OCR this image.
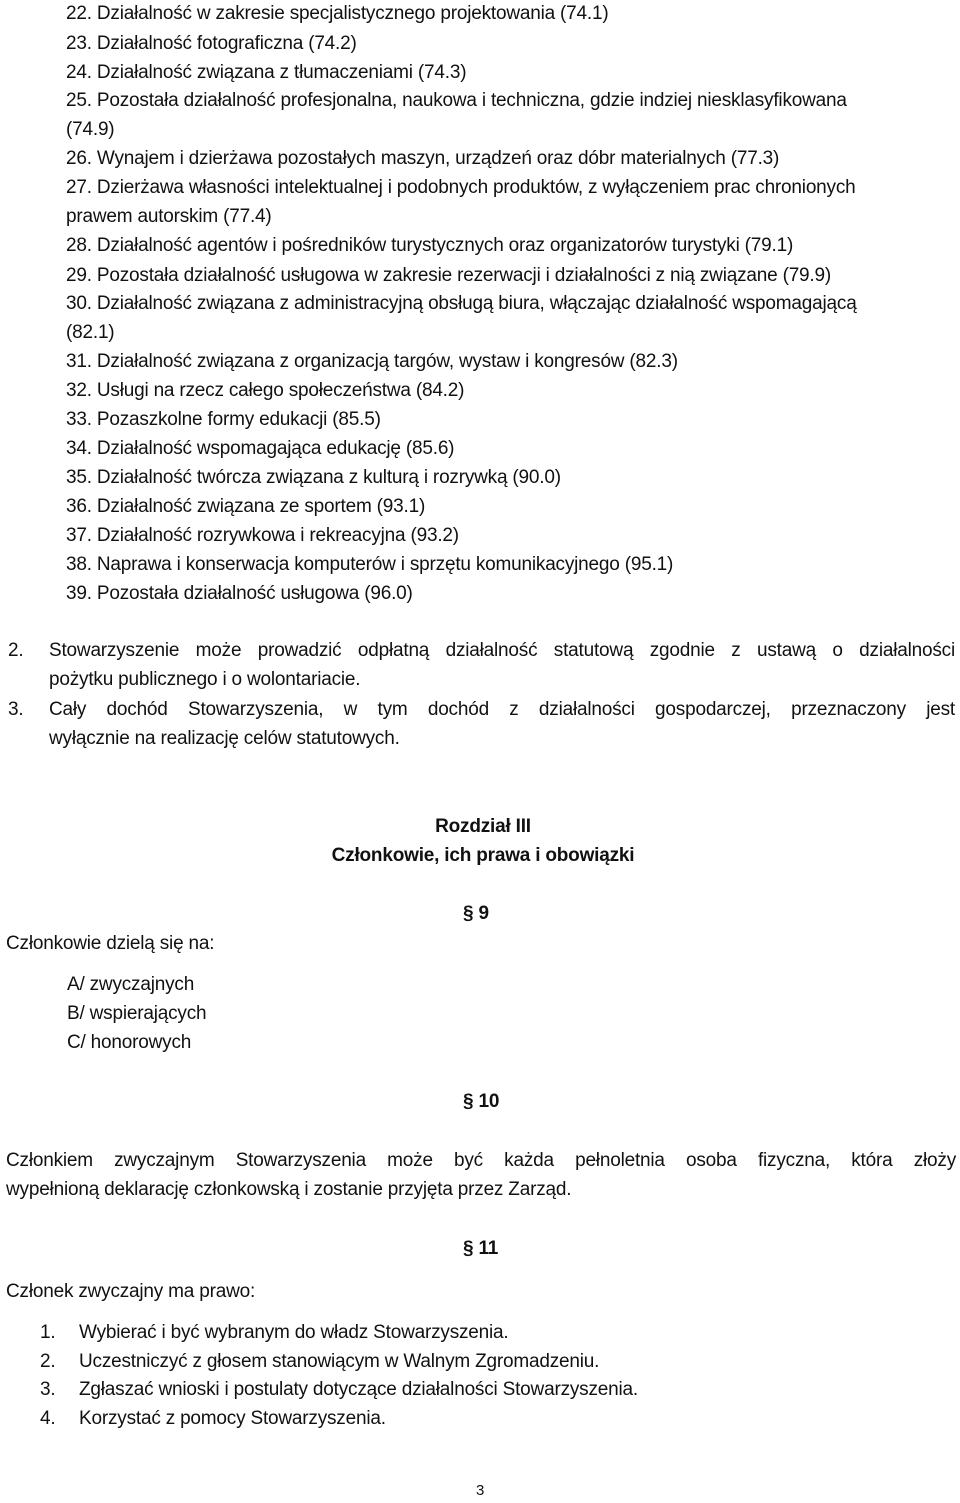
22. Działalność w zakresie specjalistycznego projektowania (74.1)
23. Działalność fotograficzna (74.2)
24. Działalność związana z tłumaczeniami (74.3)
25. Pozostała działalność profesjonalna, naukowa i techniczna, gdzie indziej niesklasyfikowana
(74.9)
26. Wynajem i dzierżawa pozostałych maszyn, urządzeń oraz dóbr materialnych (77.3)
27. Dzierżawa własności intelektualnej i podobnych produktów, z wyłączeniem prac chronionych
prawem autorskim (77.4)
28. Działalność agentów i pośredników turystycznych oraz organizatorów turystyki (79.1)
29. Pozostała działalność usługowa w zakresie rezerwacji i działalności z nią związane (79.9)
30. Działalność związana z administracyjną obsługą biura, włączając działalność wspomagającą
(82.1)
31. Działalność związana z organizacją targów, wystaw i kongresów (82.3)
32. Usługi na rzecz całego społeczeństwa (84.2)
33. Pozaszkolne formy edukacji (85.5)
34. Działalność wspomagająca edukację (85.6)
35. Działalność twórcza związana z kulturą i rozrywką (90.0)
36. Działalność związana ze sportem (93.1)
37. Działalność rozrywkowa i rekreacyjna (93.2)
38. Naprawa i konserwacja komputerów i sprzętu komunikacyjnego (95.1)
39. Pozostała działalność usługowa (96.0)
2. Stowarzyszenie może prowadzić odpłatną działalność statutową zgodnie z ustawą o działalności
pożytku publicznego i o wolontariacie.
3. Cały dochód Stowarzyszenia, w tym dochód z działalności gospodarczej, przeznaczony jest
wyłącznie na realizację celów statutowych.
Rozdział III
Członkowie, ich prawa i obowiązki
§ 9
Członkowie dzielą się na:
A/ zwyczajnych
B/ wspierających
C/ honorowych
§ 10
Członkiem zwyczajnym Stowarzyszenia może być każda pełnoletnia osoba fizyczna, która złoży
wypełnioną deklarację członkowską i zostanie przyjęta przez Zarząd.
§ 11
Członek zwyczajny ma prawo:
1. Wybierać i być wybranym do władz Stowarzyszenia.
2. Uczestniczyć z głosem stanowiącym w Walnym Zgromadzeniu.
3. Zgłaszać wnioski i postulaty dotyczące działalności Stowarzyszenia.
4. Korzystać z pomocy Stowarzyszenia.
3
